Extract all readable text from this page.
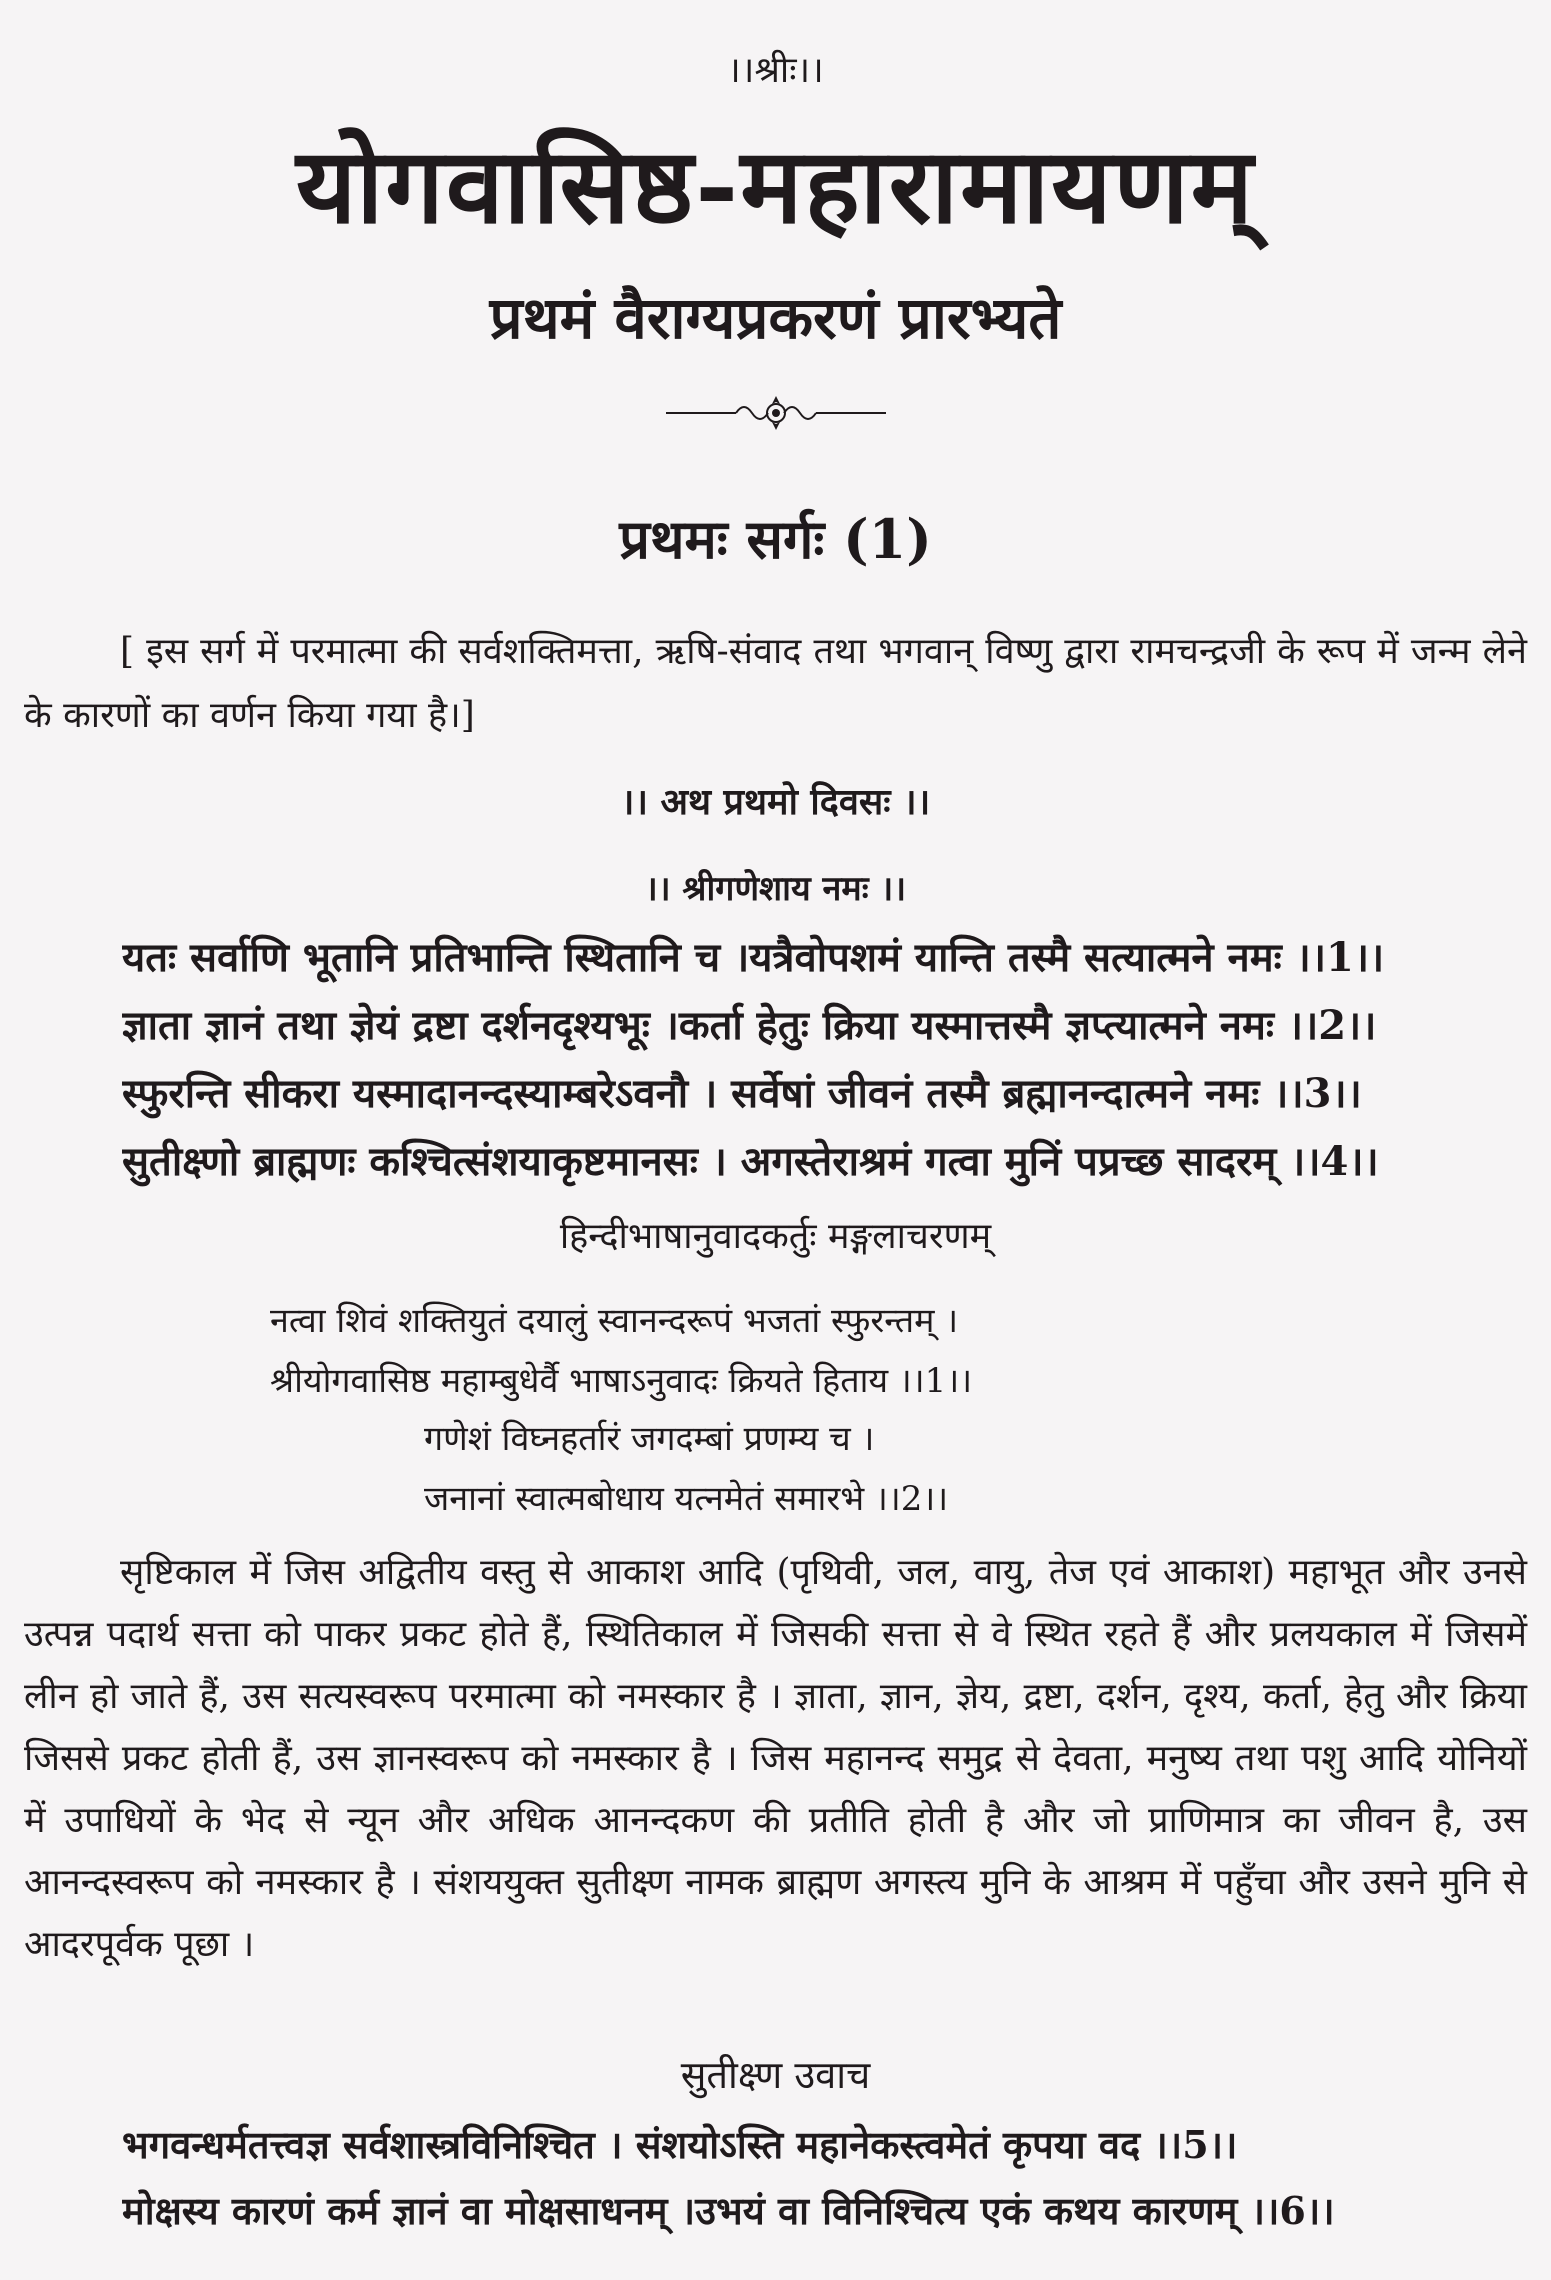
।।श्रीः।।
योगवासिष्ठ-महारामायणम्
प्रथमं वैराग्यप्रकरणं प्रारभ्यते
प्रथमः सर्गः (1)
[ इस सर्ग में परमात्मा की सर्वशक्तिमत्ता, ऋषि-संवाद तथा भगवान् विष्णु द्वारा रामचन्द्रजी के रूप में जन्म लेने के कारणों का वर्णन किया गया है।]
।। अथ प्रथमो दिवसः ।।
।। श्रीगणेशाय नमः ।।
यतः सर्वाणि भूतानि प्रतिभान्ति स्थितानि च ।यत्रैवोपशमं यान्ति तस्मै सत्यात्मने नमः ।।1।।
ज्ञाता ज्ञानं तथा ज्ञेयं द्रष्टा दर्शनदृश्यभूः ।कर्ता हेतुः क्रिया यस्मात्तस्मै ज्ञप्त्यात्मने नमः ।।2।।
स्फुरन्ति सीकरा यस्मादानन्दस्याम्बरेऽवनौ । सर्वेषां जीवनं तस्मै ब्रह्मानन्दात्मने नमः ।।3।।
सुतीक्ष्णो ब्राह्मणः कश्चित्संशयाकृष्टमानसः । अगस्तेराश्रमं गत्वा मुनिं पप्रच्छ सादरम् ।।4।।
हिन्दीभाषानुवादकर्तुः मङ्गलाचरणम्
नत्वा शिवं शक्तियुतं दयालुं स्वानन्दरूपं भजतां स्फुरन्तम् ।
श्रीयोगवासिष्ठ महाम्बुधेर्वै भाषाऽनुवादः क्रियते हिताय ।।1।।
गणेशं विघ्नहर्तारं जगदम्बां प्रणम्य च ।
जनानां स्वात्मबोधाय यत्नमेतं समारभे ।।2।।
सृष्टिकाल में जिस अद्वितीय वस्तु से आकाश आदि (पृथिवी, जल, वायु, तेज एवं आकाश) महाभूत और उनसे उत्पन्न पदार्थ सत्ता को पाकर प्रकट होते हैं, स्थितिकाल में जिसकी सत्ता से वे स्थित रहते हैं और प्रलयकाल में जिसमें लीन हो जाते हैं, उस सत्यस्वरूप परमात्मा को नमस्कार है । ज्ञाता, ज्ञान, ज्ञेय, द्रष्टा, दर्शन, दृश्य, कर्ता, हेतु और क्रिया जिससे प्रकट होती हैं, उस ज्ञानस्वरूप को नमस्कार है । जिस महानन्द समुद्र से देवता, मनुष्य तथा पशु आदि योनियों में उपाधियों के भेद से न्यून और अधिक आनन्दकण की प्रतीति होती है और जो प्राणिमात्र का जीवन है, उस आनन्दस्वरूप को नमस्कार है । संशययुक्त सुतीक्ष्ण नामक ब्राह्मण अगस्त्य मुनि के आश्रम में पहुँचा और उसने मुनि से आदरपूर्वक पूछा ।
सुतीक्ष्ण उवाच
भगवन्धर्मतत्त्वज्ञ सर्वशास्त्रविनिश्चित । संशयोऽस्ति महानेकस्त्वमेतं कृपया वद ।।5।।
मोक्षस्य कारणं कर्म ज्ञानं वा मोक्षसाधनम् ।उभयं वा विनिश्चित्य एकं कथय कारणम् ।।6।।
